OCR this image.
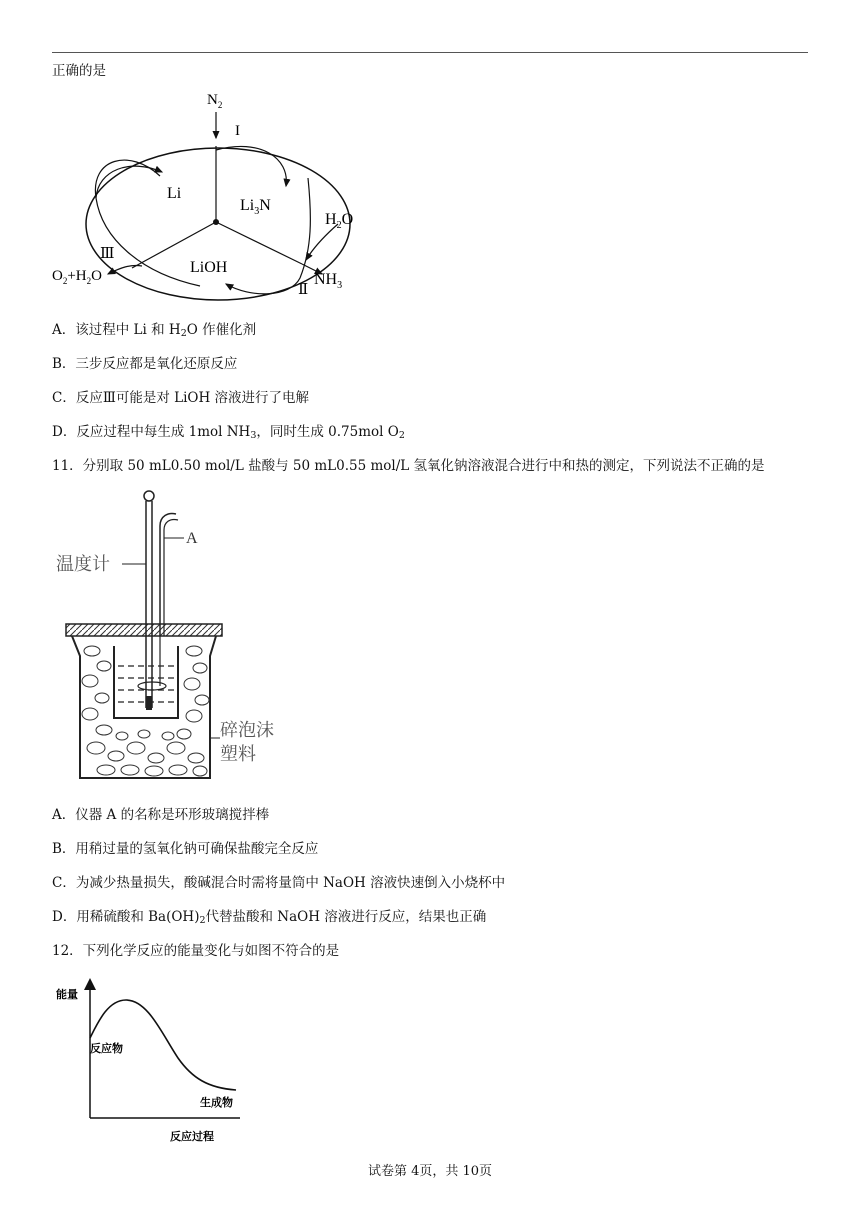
正确的是
$N_2$
I
Li
$Li_3N$
$H_2O$
Ⅲ
$O_2+H_2O$	LiOH
Ⅱ
$NH_3$
A．该过程中 Li 和 $H_2O$ 作催化剂
B．三步反应都是氧化还原反应
C．反应Ⅲ可能是对 LiOH 溶液进行了电解
D．反应过程中每生成 1mol $NH_3$，同时生成 0.75mol $O_2$
11．分别取 50 mL0.50 mol/L 盐酸与 50 mL0.55 mol/L 氢氧化钠溶液混合进行中和热的测定，下列说法不正确的是
温度计
A
碎泡沫
塑料
A．仪器 A 的名称是环形玻璃搅拌棒
B．用稍过量的氢氧化钠可确保盐酸完全反应
C．为减少热量损失，酸碱混合时需将量筒中 NaOH 溶液快速倒入小烧杯中
D．用稀硫酸和 $Ba(OH)_2$代替盐酸和 NaOH 溶液进行反应，结果也正确
12．下列化学反应的能量变化与如图不符合的是
能量
反应物
生成物
反应过程
试卷第 4页，共 10页
